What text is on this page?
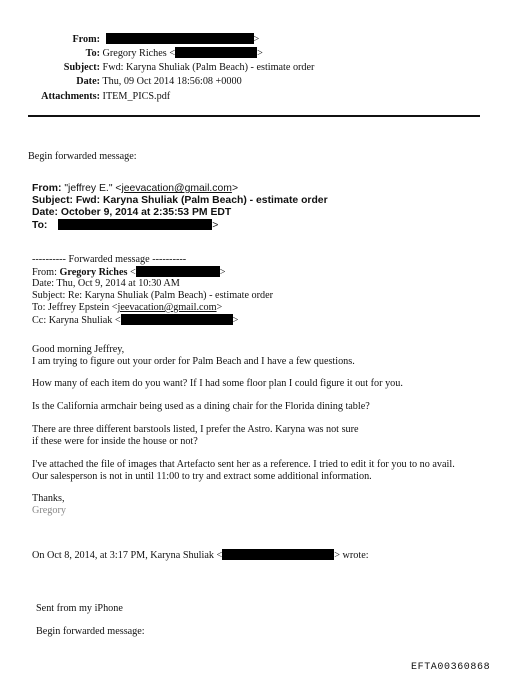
From:	>
To: Gregory Riches <	>
Subject: Fwd: Karyna Shuliak (Palm Beach) - estimate order
Date: Thu, 09 Oct 2014 18:56:08 +0000
Attachments: ITEM_PICS.pdf
Begin forwarded message:
From: "jeffrey E." <jeevacation@gmail.com>
Subject: Fwd: Karyna Shuliak (Palm Beach) - estimate order
Date: October 9, 2014 at 2:35:53 PM EDT
To:	>
---------- Forwarded message ----------
From: Gregory Riches <	>
Date: Thu, Oct 9, 2014 at 10:30 AM
Subject: Re: Karyna Shuliak (Palm Beach) - estimate order
To: Jeffrey Epstein <jeevacation@gmail.com>
Cc: Karyna Shuliak <	>
Good morning Jeffrey,
I am trying to figure out your order for Palm Beach and I have a few questions.
How many of each item do you want? If I had some floor plan I could figure it out for you.
Is the California armchair being used as a dining chair for the Florida dining table?
There are three different barstools listed, I prefer the Astro. Karyna was not sure
if these were for inside the house or not?
I've attached the file of images that Artefacto sent her as a reference. I tried to edit it for you to no avail.
Our salesperson is not in until 11:00 to try and extract some additional information.
Thanks,
Gregory
On Oct 8, 2014, at 3:17 PM, Karyna Shuliak <	> wrote:
Sent from my iPhone
Begin forwarded message:
EFTA00360868
